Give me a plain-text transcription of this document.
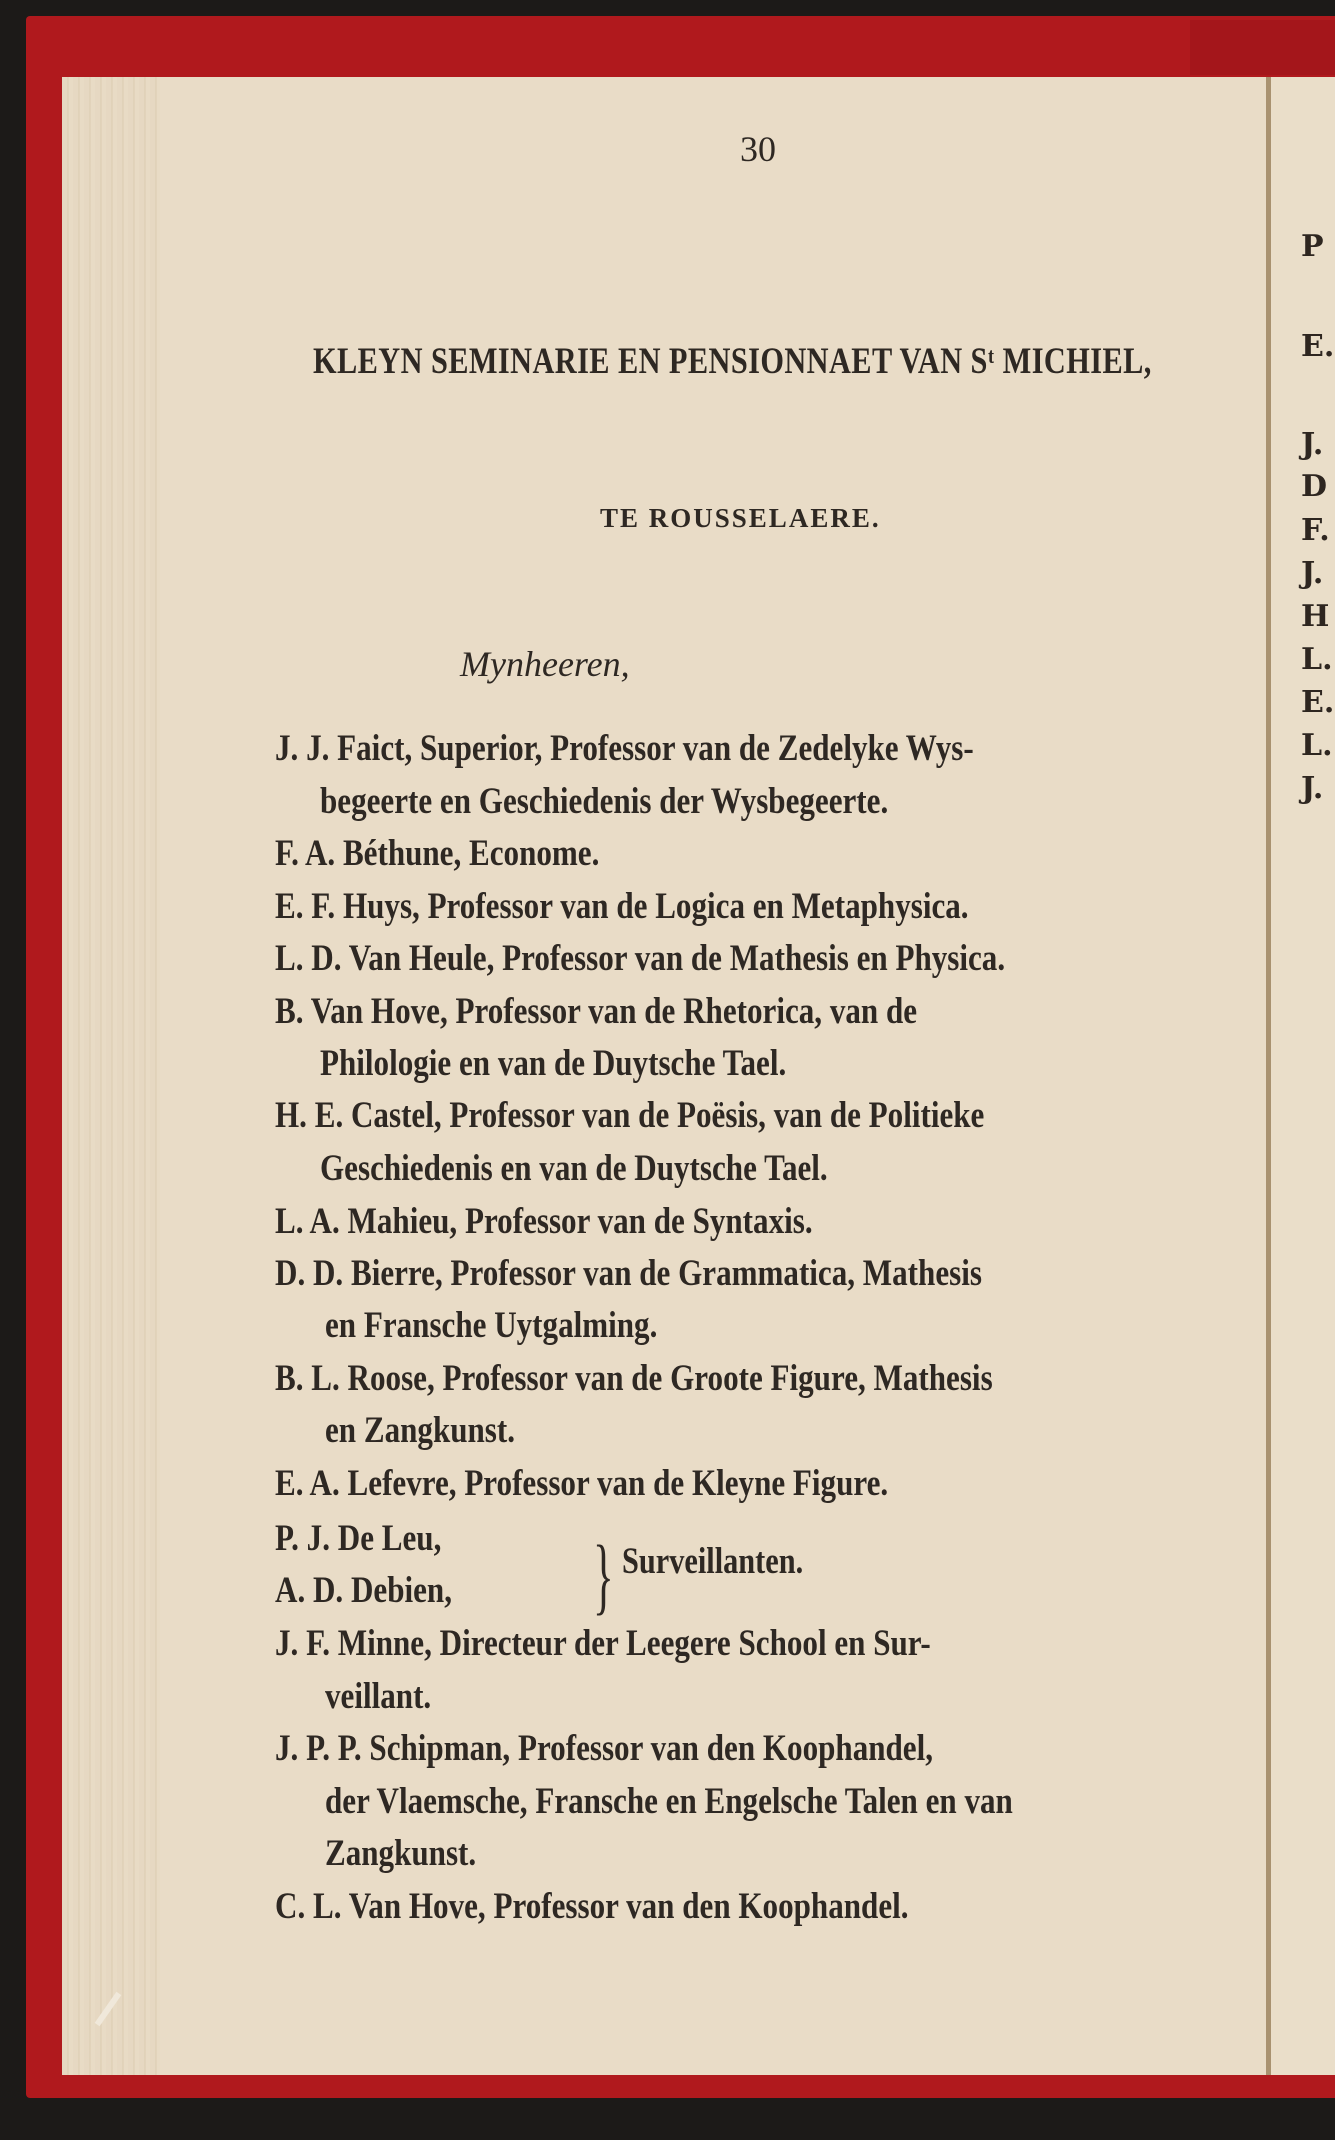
P
E.
J.
D
F.
J.
H
L.
E.
L.
J.
30
KLEYN SEMINARIE EN PENSIONNAET VAN Sᵗ MICHIEL,
TE ROUSSELAERE.
Mynheeren,
J. J. Faict, Superior, Professor van de Zedelyke Wys-
begeerte en Geschiedenis der Wysbegeerte.
F. A. Béthune, Econome.
E. F. Huys, Professor van de Logica en Metaphysica.
L. D. Van Heule, Professor van de Mathesis en Physica.
B. Van Hove, Professor van de Rhetorica, van de
Philologie en van de Duytsche Tael.
H. E. Castel, Professor van de Poësis, van de Politieke
Geschiedenis en van de Duytsche Tael.
L. A. Mahieu, Professor van de Syntaxis.
D. D. Bierre, Professor van de Grammatica, Mathesis
en Fransche Uytgalming.
B. L. Roose, Professor van de Groote Figure, Mathesis
en Zangkunst.
E. A. Lefevre, Professor van de Kleyne Figure.
P. J. De Leu,
A. D. Debien, } Surveillanten.
J. F. Minne, Directeur der Leegere School en Sur-
veillant.
J. P. P. Schipman, Professor van den Koophandel,
der Vlaemsche, Fransche en Engelsche Talen en van
Zangkunst.
C. L. Van Hove, Professor van den Koophandel.
